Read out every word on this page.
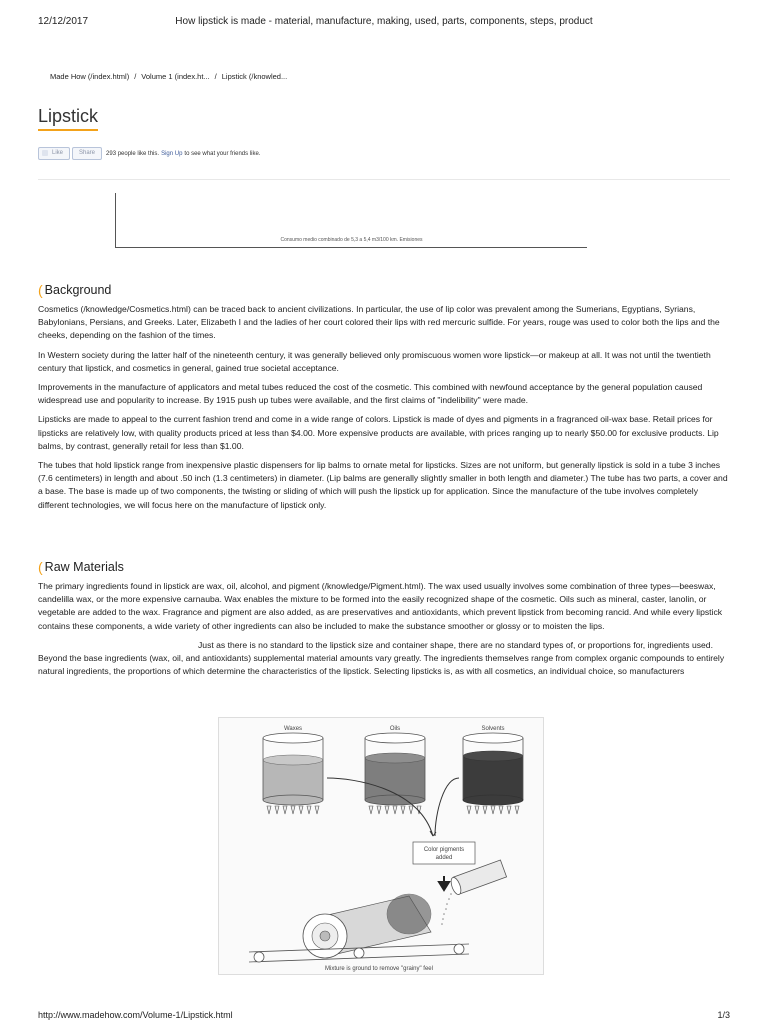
12/12/2017	How lipstick is made - material, manufacture, making, used, parts, components, steps, product
Made How (/index.html) / Volume 1 (index.ht... / Lipstick (/knowled...
Lipstick
Like	Share	293 people like this. Sign Up to see what your friends like.
Consumo medio combinado de 5,3 a 5,4 m3/100 km. Emisiones
( Background

Cosmetics (/knowledge/Cosmetics.html) can be traced back to ancient civilizations. In particular, the use of lip color was prevalent among the Sumerians, Egyptians, Syrians, Babylonians, Persians, and Greeks. Later, Elizabeth I and the ladies of her court colored their lips with red mercuric sulfide. For years, rouge was used to color both the lips and the cheeks, depending on the fashion of the times.

In Western society during the latter half of the nineteenth century, it was generally believed only promiscuous women wore lipstick—or makeup at all. It was not until the twentieth century that lipstick, and cosmetics in general, gained true societal acceptance.

Improvements in the manufacture of applicators and metal tubes reduced the cost of the cosmetic. This combined with newfound acceptance by the general population caused widespread use and popularity to increase. By 1915 push up tubes were available, and the first claims of "indelibility" were made.

Lipsticks are made to appeal to the current fashion trend and come in a wide range of colors. Lipstick is made of dyes and pigments in a fragranced oil-wax base. Retail prices for lipsticks are relatively low, with quality products priced at less than $4.00. More expensive products are available, with prices ranging up to nearly $50.00 for exclusive products. Lip balms, by contrast, generally retail for less than $1.00.

The tubes that hold lipstick range from inexpensive plastic dispensers for lip balms to ornate metal for lipsticks. Sizes are not uniform, but generally lipstick is sold in a tube 3 inches (7.6 centimeters) in length and about .50 inch (1.3 centimeters) in diameter. (Lip balms are generally slightly smaller in both length and diameter.) The tube has two parts, a cover and a base. The base is made up of two components, the twisting or sliding of which will push the lipstick up for application. Since the manufacture of the tube involves completely different technologies, we will focus here on the manufacture of lipstick only.

( Raw Materials

The primary ingredients found in lipstick are wax, oil, alcohol, and pigment (/knowledge/Pigment.html). The wax used usually involves some combination of three types—beeswax, candelilla wax, or the more expensive carnauba. Wax enables the mixture to be formed into the easily recognized shape of the cosmetic. Oils such as mineral, caster, lanolin, or vegetable are added to the wax. Fragrance and pigment are also added, as are preservatives and antioxidants, which prevent lipstick from becoming rancid. And while every lipstick contains these components, a wide variety of other ingredients can also be included to make the substance smoother or glossy or to moisten the lips.

Just as there is no standard to the lipstick size and container shape, there are no standard types of, or proportions for, ingredients used. Beyond the base ingredients (wax, oil, and antioxidants) supplemental material amounts vary greatly. The ingredients themselves range from complex organic compounds to entirely natural ingredients, the proportions of which determine the characteristics of the lipstick. Selecting lipsticks is, as with all cosmetics, an individual choice, so manufacturers

Waxes	Oils	Solvents
Color pigments
added
Mixture is ground to remove "grainy" feel
http://www.madehow.com/Volume-1/Lipstick.html	1/3
